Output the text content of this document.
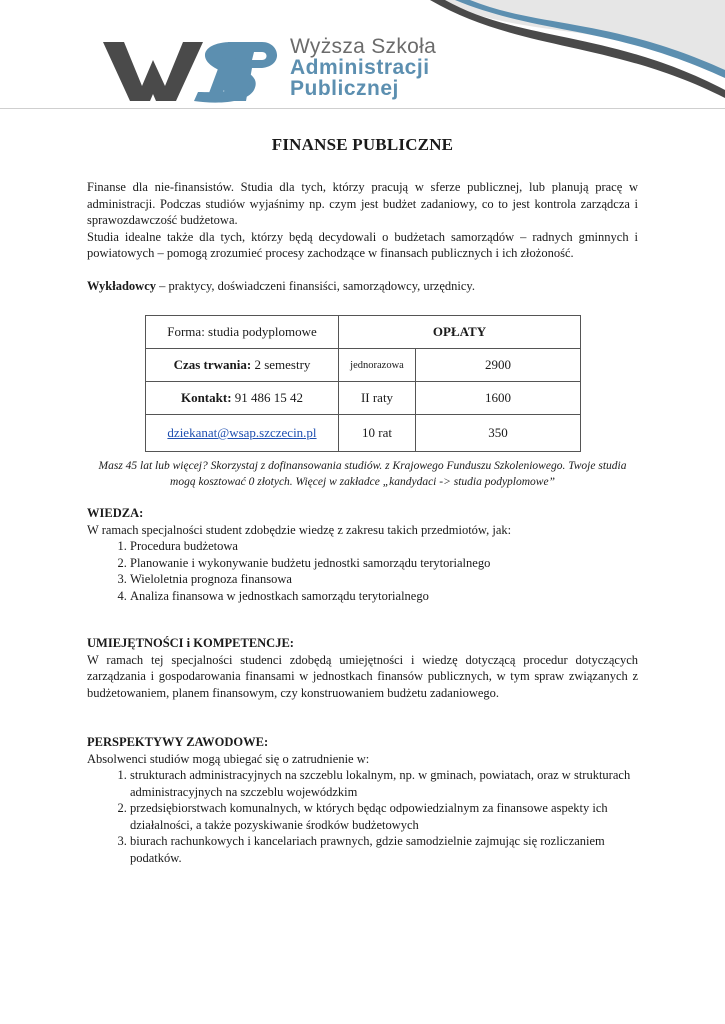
Wyższa Szkoła
Administracji
Publicznej
FINANSE PUBLICZNE
Finanse dla nie-finansistów. Studia dla tych, którzy pracują w sferze publicznej, lub planują pracę w administracji. Podczas studiów wyjaśnimy np. czym jest budżet zadaniowy, co to jest kontrola zarządcza i sprawozdawczość budżetowa.
Studia idealne także dla tych, którzy będą decydowali o budżetach samorządów – radnych gminnych i powiatowych – pomogą zrozumieć procesy zachodzące w finansach publicznych i ich złożoność.
Wykładowcy – praktycy, doświadczeni finansiści, samorządowcy, urzędnicy.
Forma: studia podyplomowe	OPŁATY	
Czas trwania: 2 semestry	jednorazowa	2900
Kontakt: 91 486 15 42	II raty	1600
dziekanat@wsap.szczecin.pl	10 rat	350
Masz 45 lat lub więcej? Skorzystaj z dofinansowania studiów. z Krajowego Funduszu Szkoleniowego. Twoje studia mogą kosztować 0 złotych. Więcej w zakładce „kandydaci -> studia podyplomowe”
WIEDZA:
W ramach specjalności student zdobędzie wiedzę z zakresu takich przedmiotów, jak:
1. Procedura budżetowa
2. Planowanie i wykonywanie budżetu jednostki samorządu terytorialnego
3. Wieloletnia prognoza finansowa
4. Analiza finansowa w jednostkach samorządu terytorialnego
UMIEJĘTNOŚCI i KOMPETENCJE:
W ramach tej specjalności studenci zdobędą umiejętności i wiedzę dotyczącą procedur dotyczących zarządzania i gospodarowania finansami w jednostkach finansów publicznych, w tym spraw związanych z budżetowaniem, planem finansowym, czy konstruowaniem budżetu zadaniowego.
PERSPEKTYWY ZAWODOWE:
Absolwenci studiów mogą ubiegać się o zatrudnienie w:
1. strukturach administracyjnych na szczeblu lokalnym, np. w gminach, powiatach, oraz w strukturach administracyjnych na szczeblu wojewódzkim
2. przedsiębiorstwach komunalnych, w których będąc odpowiedzialnym za finansowe aspekty ich działalności, a także pozyskiwanie środków budżetowych
3. biurach rachunkowych i kancelariach prawnych, gdzie samodzielnie zajmując się rozliczaniem podatków.
